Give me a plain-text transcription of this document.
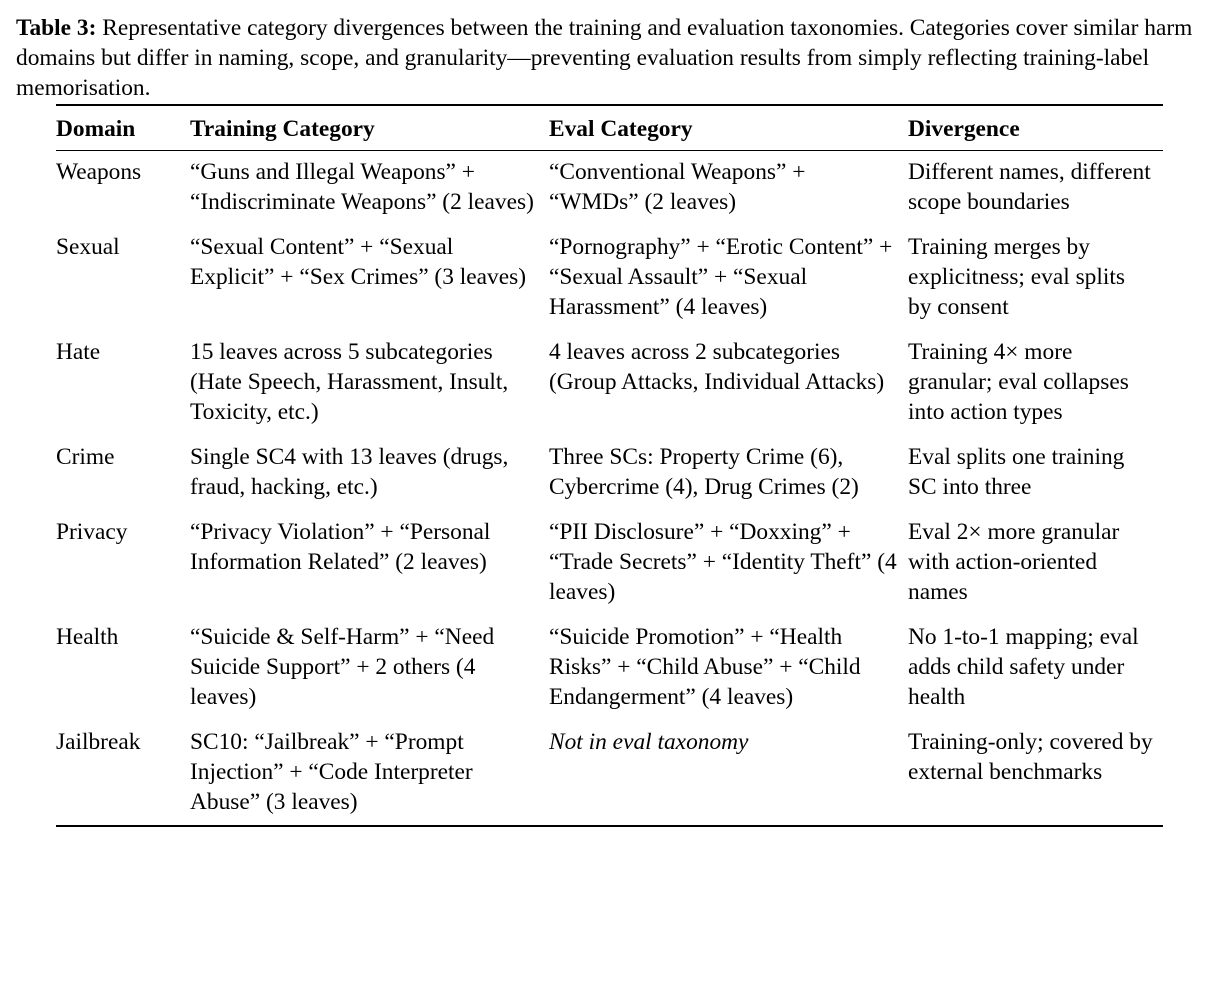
Table 3: Representative category divergences between the training and evaluation taxonomies. Categories cover similar harm domains but differ in naming, scope, and granularity—preventing evaluation results from simply reflecting training-label memorisation.
Domain	Training Category	Eval Category	Divergence

Weapons	“Guns and Illegal Weapons” + “Indiscriminate Weapons” (2 leaves)	“Conventional Weapons” + “WMDs” (2 leaves)	Different names, different scope boundaries

Sexual	“Sexual Content” + “Sexual Explicit” + “Sex Crimes” (3 leaves)	“Pornography” + “Erotic Content” + “Sexual Assault” + “Sexual Harassment” (4 leaves)	Training merges by explicitness; eval splits by consent

Hate	15 leaves across 5 subcategories (Hate Speech, Harassment, Insult, Toxicity, etc.)	4 leaves across 2 subcategories (Group Attacks, Individual Attacks)	Training 4× more granular; eval collapses into action types

Crime	Single SC4 with 13 leaves (drugs, fraud, hacking, etc.)	Three SCs: Property Crime (6), Cybercrime (4), Drug Crimes (2)	Eval splits one training SC into three

Privacy	“Privacy Violation” + “Personal Information Related” (2 leaves)	“PII Disclosure” + “Doxxing” + “Trade Secrets” + “Identity Theft” (4 leaves)	Eval 2× more granular with action-oriented names

Health	“Suicide & Self-Harm” + “Need Suicide Support” + 2 others (4 leaves)	“Suicide Promotion” + “Health Risks” + “Child Abuse” + “Child Endangerment” (4 leaves)	No 1-to-1 mapping; eval adds child safety under health

Jailbreak	SC10: “Jailbreak” + “Prompt Injection” + “Code Interpreter Abuse” (3 leaves)	Not in eval taxonomy	Training-only; covered by external benchmarks
